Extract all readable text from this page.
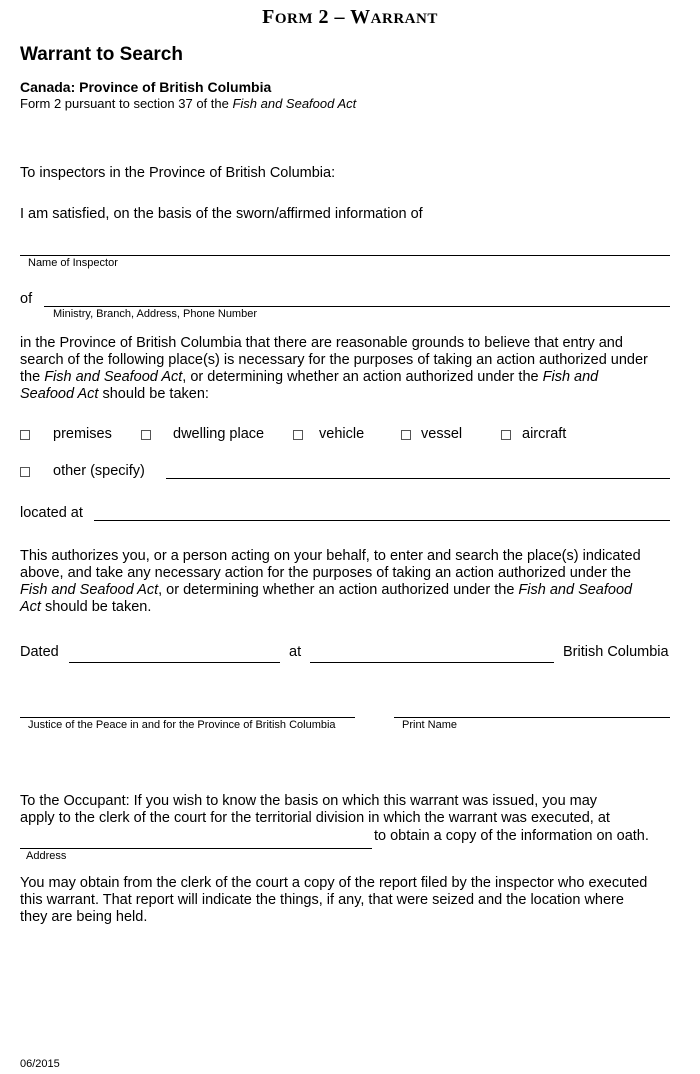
FORM 2 – WARRANT
Warrant to Search
Canada: Province of British Columbia
Form 2 pursuant to section 37 of the Fish and Seafood Act
To inspectors in the Province of British Columbia:
I am satisfied, on the basis of the sworn/affirmed information of
Name of Inspector
of
Ministry, Branch, Address, Phone Number
in the Province of British Columbia that there are reasonable grounds to believe that entry and
search of the following place(s) is necessary for the purposes of taking an action authorized under
the Fish and Seafood Act, or determining whether an action authorized under the Fish and
Seafood Act should be taken:
premises	dwelling place	vehicle	vessel	aircraft
other (specify)
located at
This authorizes you, or a person acting on your behalf, to enter and search the place(s) indicated
above, and take any necessary action for the purposes of taking an action authorized under the
Fish and Seafood Act, or determining whether an action authorized under the Fish and Seafood
Act should be taken.
Dated	at	British Columbia
Justice of the Peace in and for the Province of British Columbia	Print Name
To the Occupant: If you wish to know the basis on which this warrant was issued, you may
apply to the clerk of the court for the territorial division in which the warrant was executed, at
to obtain a copy of the information on oath.
Address
You may obtain from the clerk of the court a copy of the report filed by the inspector who executed
this warrant. That report will indicate the things, if any, that were seized and the location where
they are being held.
06/2015
